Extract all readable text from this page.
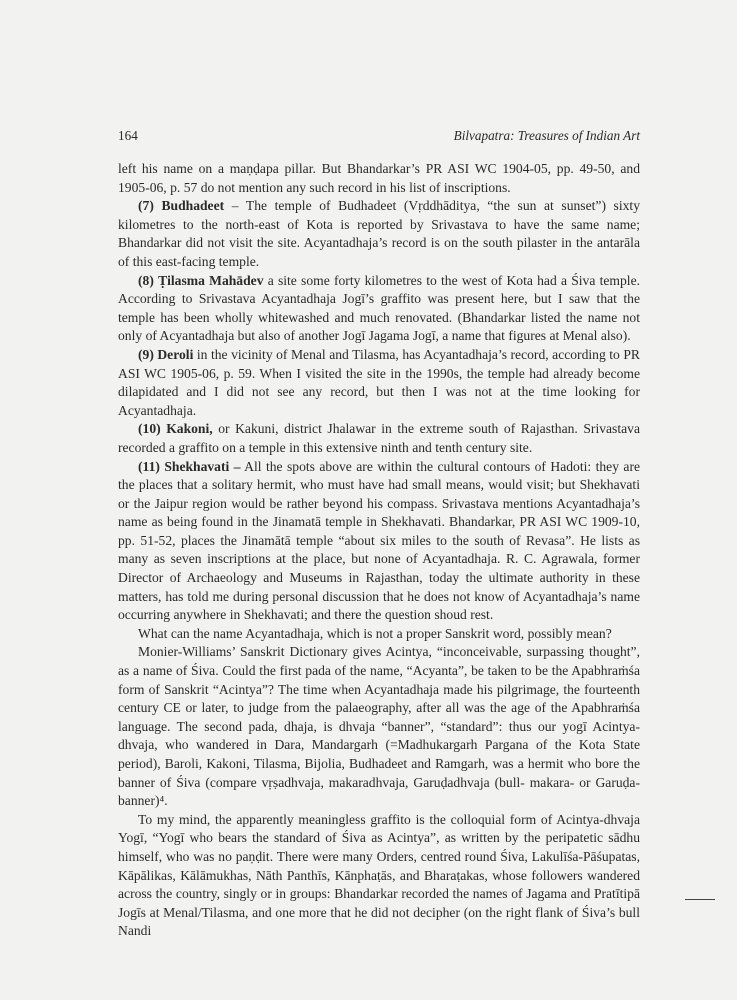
164	Bilvapatra: Treasures of Indian Art

left his name on a maṇḍapa pillar. But Bhandarkar’s PR ASI WC 1904-05, pp. 49-50, and 1905-06, p. 57 do not mention any such record in his list of inscriptions.

(7) Budhadeet – The temple of Budhadeet (Vṛddhāditya, “the sun at sunset”) sixty kilometres to the north-east of Kota is reported by Srivastava to have the same name; Bhandarkar did not visit the site. Acyantadhaja’s record is on the south pilaster in the antarāla of this east-facing temple.

(8) Ṭilasma Mahādev a site some forty kilometres to the west of Kota had a Śiva temple. According to Srivastava Acyantadhaja Jogī’s graffito was present here, but I saw that the temple has been wholly whitewashed and much renovated. (Bhandarkar listed the name not only of Acyantadhaja but also of another Jogī Jagama Jogī, a name that figures at Menal also).

(9) Deroli in the vicinity of Menal and Tilasma, has Acyantadhaja’s record, according to PR ASI WC 1905-06, p. 59. When I visited the site in the 1990s, the temple had already become dilapidated and I did not see any record, but then I was not at the time looking for Acyantadhaja.

(10) Kakoni, or Kakuni, district Jhalawar in the extreme south of Rajasthan. Srivastava recorded a graffito on a temple in this extensive ninth and tenth century site.

(11) Shekhavati – All the spots above are within the cultural contours of Hadoti: they are the places that a solitary hermit, who must have had small means, would visit; but Shekhavati or the Jaipur region would be rather beyond his compass. Srivastava mentions Acyantadhaja’s name as being found in the Jinamatā temple in Shekhavati. Bhandarkar, PR ASI WC 1909-10, pp. 51-52, places the Jinamātā temple “about six miles to the south of Revasa”. He lists as many as seven inscriptions at the place, but none of Acyantadhaja. R. C. Agrawala, former Director of Archaeology and Museums in Rajasthan, today the ultimate authority in these matters, has told me during personal discussion that he does not know of Acyantadhaja’s name occurring anywhere in Shekhavati; and there the question shoud rest.

What can the name Acyantadhaja, which is not a proper Sanskrit word, possibly mean?

Monier-Williams’ Sanskrit Dictionary gives Acintya, “inconceivable, surpassing thought”, as a name of Śiva. Could the first pada of the name, “Acyanta”, be taken to be the Apabhraṁśa form of Sanskrit “Acintya”? The time when Acyantadhaja made his pilgrimage, the fourteenth century CE or later, to judge from the palaeography, after all was the age of the Apabhraṁśa language. The second pada, dhaja, is dhvaja “banner”, “standard”: thus our yogī Acintya-dhvaja, who wandered in Dara, Mandargarh (=Madhukargarh Pargana of the Kota State period), Baroli, Kakoni, Tilasma, Bijolia, Budhadeet and Ramgarh, was a hermit who bore the banner of Śiva (compare vṛṣadhvaja, makaradhvaja, Garuḍadhvaja (bull- makara- or Garuḍa- banner)⁴.

To my mind, the apparently meaningless graffito is the colloquial form of Acintya-dhvaja Yogī, “Yogī who bears the standard of Śiva as Acintya”, as written by the peripatetic sādhu himself, who was no paṇḍit. There were many Orders, centred round Śiva, Lakulīśa-Pāśupatas, Kāpālikas, Kālāmukhas, Nāth Panthīs, Kānphaṭās, and Bharaṭakas, whose followers wandered across the country, singly or in groups: Bhandarkar recorded the names of Jagama and Pratītipā Jogīs at Menal/Tilasma, and one more that he did not decipher (on the right flank of Śiva’s bull Nandi
